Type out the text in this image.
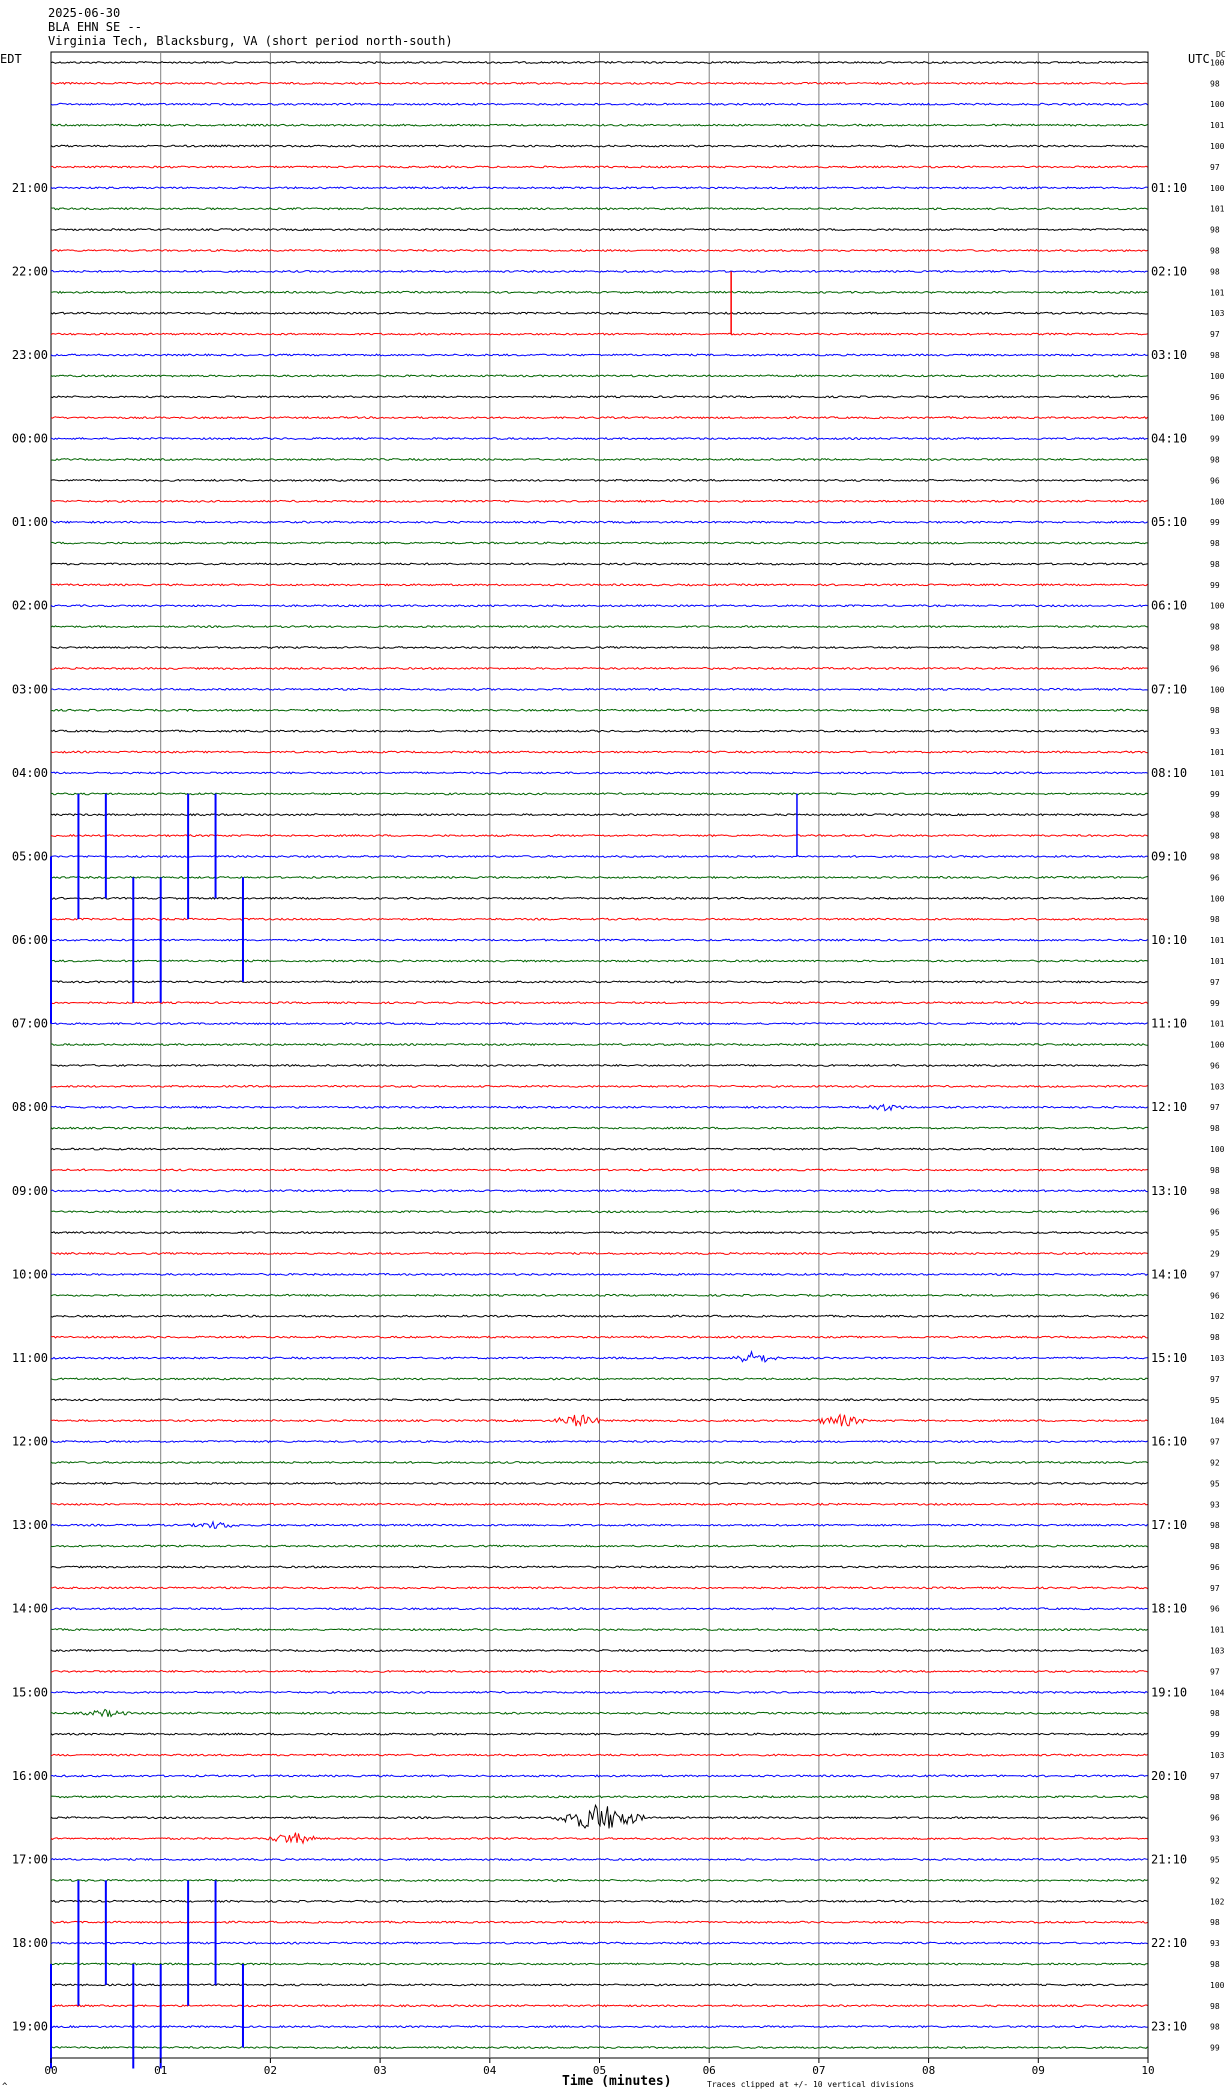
2025-06-30
BLA EHN SE --
Virginia Tech, Blacksburg, VA (short period north-south)
21:00
22:00
23:00
00:00
01:00
02:00
03:00
04:00
05:00
06:00
07:00
08:00
09:00
10:00
11:00
12:00
13:00
14:00
15:00
16:00
17:00
18:00
19:00
01:10
02:10
03:10
04:10
05:10
06:10
07:10
08:10
09:10
10:10
11:10
12:10
13:10
14:10
15:10
16:10
17:10
18:10
19:10
20:10
21:10
22:10
23:10
100
98
100
101
100
97
100
101
98
98
98
101
103
97
98
100
96
100
99
98
96
100
99
98
98
99
100
98
98
96
100
98
93
101
101
99
98
98
98
96
100
98
101
101
97
99
101
100
96
103
97
98
100
98
98
96
95
29
97
96
102
98
103
97
95
104
97
92
95
93
98
98
96
97
96
101
103
97
104
98
99
103
97
98
96
93
95
92
102
98
93
98
100
98
98
99
00	01	02	03	04	05	06	07	08	09	10
EDT	UTC DC
Time (minutes)	Traces clipped at +/- 10 vertical divisions
^
